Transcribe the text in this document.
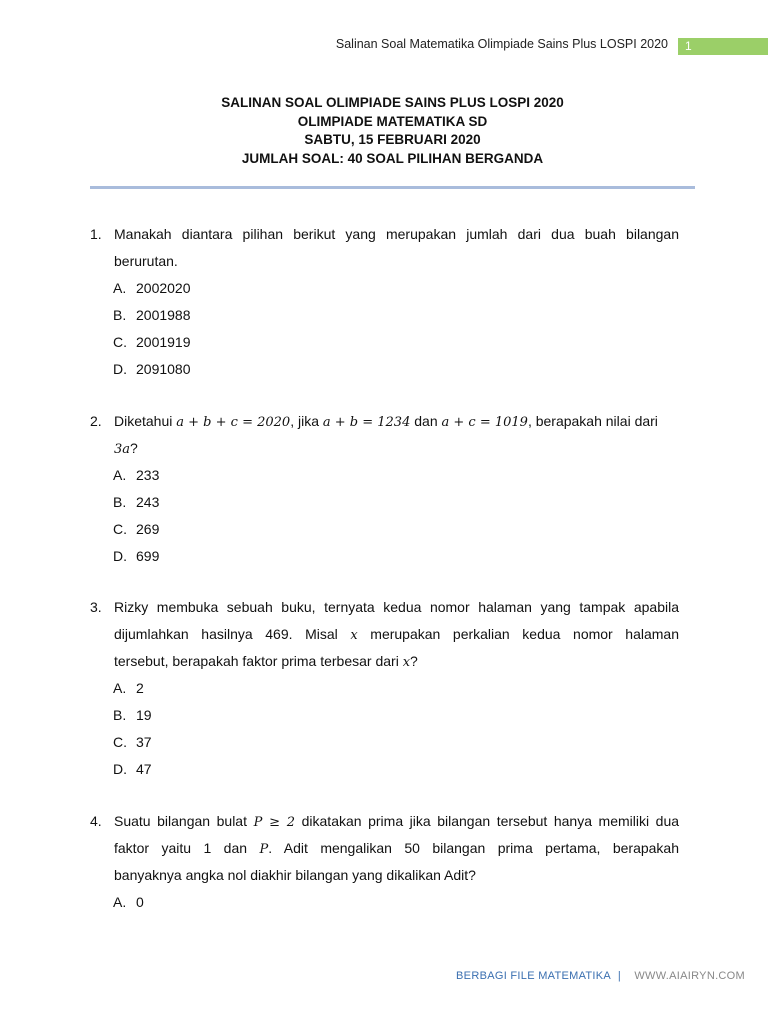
Salinan Soal Matematika Olimpiade Sains Plus LOSPI 2020	1
SALINAN SOAL OLIMPIADE SAINS PLUS LOSPI 2020
OLIMPIADE MATEMATIKA SD
SABTU, 15 FEBRUARI 2020
JUMLAH SOAL: 40 SOAL PILIHAN BERGANDA
1. Manakah diantara pilihan berikut yang merupakan jumlah dari dua buah bilangan
berurutan.
A. 2002020
B. 2001988
C. 2001919
D. 2091080
2. Diketahui a + b + c = 2020, jika a + b = 1234 dan a + c = 1019, berapakah nilai dari
3a?
A. 233
B. 243
C. 269
D. 699
3. Rizky membuka sebuah buku, ternyata kedua nomor halaman yang tampak apabila
dijumlahkan hasilnya 469. Misal x merupakan perkalian kedua nomor halaman
tersebut, berapakah faktor prima terbesar dari x?
A. 2
B. 19
C. 37
D. 47
4. Suatu bilangan bulat P ≥ 2 dikatakan prima jika bilangan tersebut hanya memiliki dua
faktor yaitu 1 dan P. Adit mengalikan 50 bilangan prima pertama, berapakah
banyaknya angka nol diakhir bilangan yang dikalikan Adit?
A. 0
BERBAGI FILE MATEMATIKA | WWW.AIAIRYN.COM
